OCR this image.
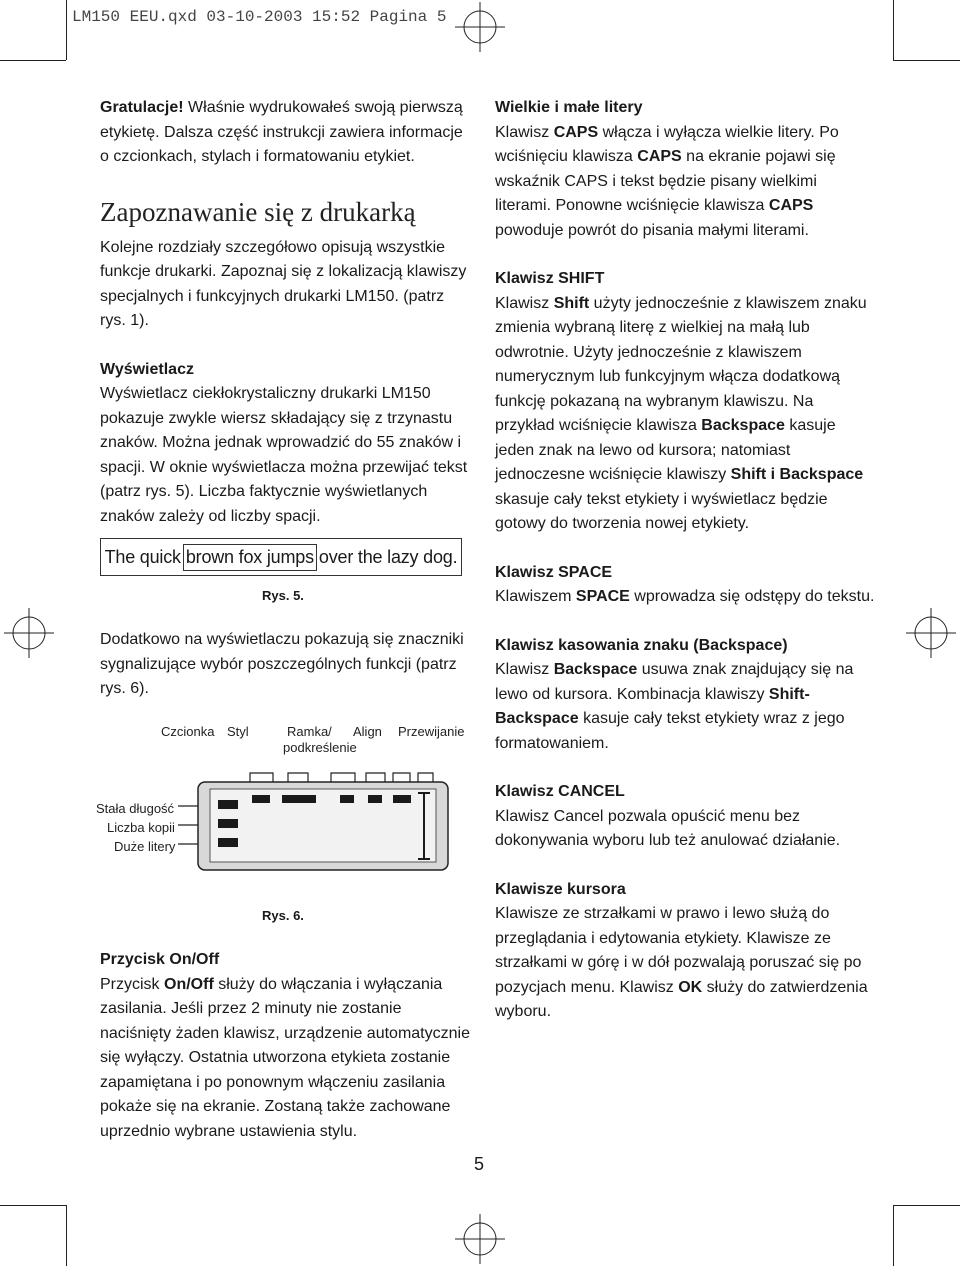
LM150 EEU.qxd 03-10-2003 15:52 Pagina 5

Gratulacje! Właśnie wydrukowałeś swoją pierwszą etykietę. Dalsza część instrukcji zawiera informacje o czcionkach, stylach i formatowaniu etykiet.

Zapoznawanie się z drukarką

Kolejne rozdziały szczegółowo opisują wszystkie funkcje drukarki. Zapoznaj się z lokalizacją klawiszy specjalnych i funkcyjnych drukarki LM150. (patrz rys. 1).

Wyświetlacz

Wyświetlacz ciekłokrystaliczny drukarki LM150 pokazuje zwykle wiersz składający się z trzynastu znaków. Można jednak wprowadzić do 55 znaków i spacji. W oknie wyświetlacza można przewijać tekst (patrz rys. 5). Liczba faktycznie wyświetlanych znaków zależy od liczby spacji.

The quick brown fox jumps over the lazy dog.
Rys. 5.

Dodatkowo na wyświetlaczu pokazują się znaczniki sygnalizujące wybór poszczególnych funkcji (patrz rys. 6).

Czcionka Styl	Ramka/
podkreślenie
Align Przewijanie
Stała długość
Liczba kopii
Duże litery
Rys. 6.

Przycisk On/Off

Przycisk On/Off służy do włączania i wyłączania zasilania. Jeśli przez 2 minuty nie zostanie naciśnięty żaden klawisz, urządzenie automatycznie się wyłączy. Ostatnia utworzona etykieta zostanie zapamiętana i po ponownym włączeniu zasilania pokaże się na ekranie. Zostaną także zachowane uprzednio wybrane ustawienia stylu.

Wielkie i małe litery

Klawisz CAPS włącza i wyłącza wielkie litery. Po wciśnięciu klawisza CAPS na ekranie pojawi się wskaźnik CAPS i tekst będzie pisany wielkimi literami. Ponowne wciśnięcie klawisza CAPS powoduje powrót do pisania małymi literami.

Klawisz SHIFT

Klawisz Shift użyty jednocześnie z klawiszem znaku zmienia wybraną literę z wielkiej na małą lub odwrotnie. Użyty jednocześnie z klawiszem numerycznym lub funkcyjnym włącza dodatkową funkcję pokazaną na wybranym klawiszu. Na przykład wciśnięcie klawisza Backspace kasuje jeden znak na lewo od kursora; natomiast jednoczesne wciśnięcie klawiszy Shift i Backspace skasuje cały tekst etykiety i wyświetlacz będzie gotowy do tworzenia nowej etykiety.

Klawisz SPACE

Klawiszem SPACE wprowadza się odstępy do tekstu.

Klawisz kasowania znaku (Backspace)

Klawisz Backspace usuwa znak znajdujący się na lewo od kursora. Kombinacja klawiszy Shift-Backspace kasuje cały tekst etykiety wraz z jego formatowaniem.

Klawisz CANCEL

Klawisz Cancel pozwala opuścić menu bez dokonywania wyboru lub też anulować działanie.

Klawisze kursora

Klawisze ze strzałkami w prawo i lewo służą do przeglądania i edytowania etykiety. Klawisze ze strzałkami w górę i w dół pozwalają poruszać się po pozycjach menu. Klawisz OK służy do zatwierdzenia wyboru.

5
